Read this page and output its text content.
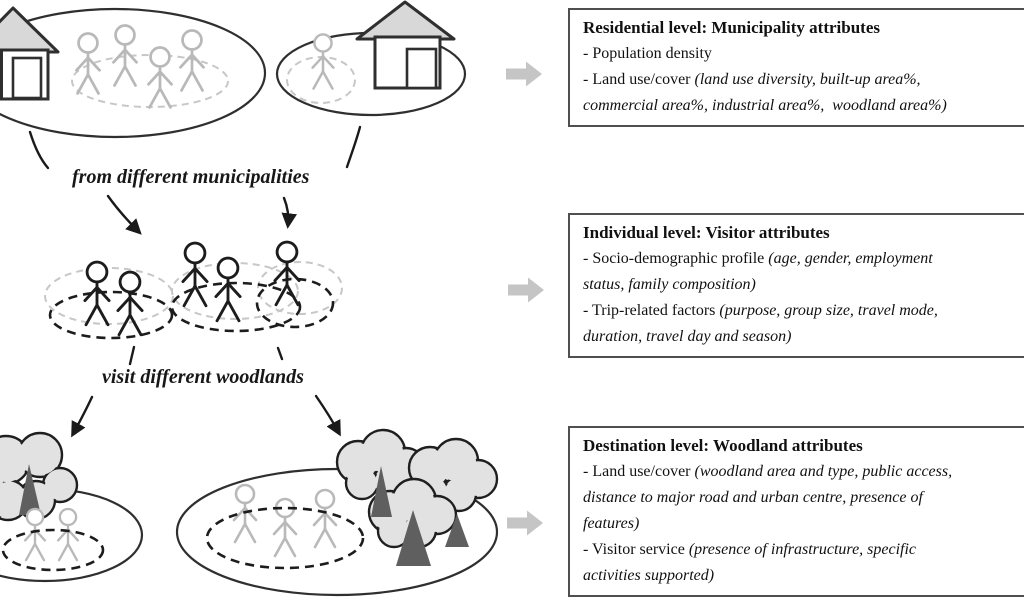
from different municipalities
visit different woodlands
Residential level: Municipality attributes
- Population density
- Land use/cover (land use diversity, built-up area%,
commercial area%, industrial area%,  woodland area%)
Individual level: Visitor attributes
- Socio-demographic profile (age, gender, employment
status, family composition)
- Trip-related factors (purpose, group size, travel mode,
duration, travel day and season)
Destination level: Woodland attributes
- Land use/cover (woodland area and type, public access,
distance to major road and urban centre, presence of
features)
- Visitor service (presence of infrastructure, specific
activities supported)
